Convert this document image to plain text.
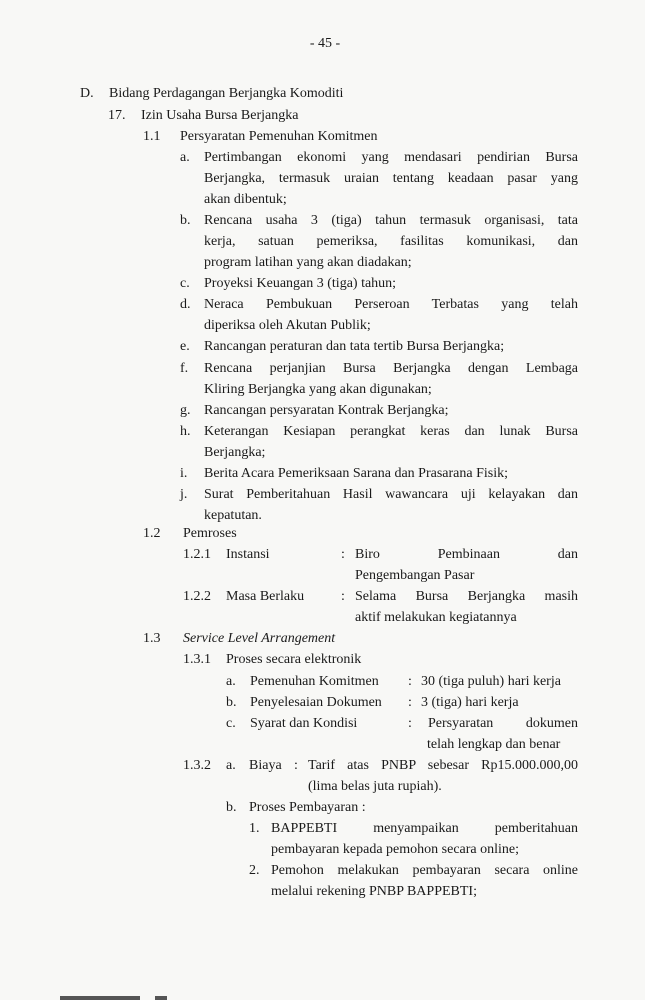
- 45 -
D. Bidang Perdagangan Berjangka Komoditi
17. Izin Usaha Bursa Berjangka
1.1 Persyaratan Pemenuhan Komitmen
a. Pertimbangan ekonomi yang mendasari pendirian Bursa
Berjangka, termasuk uraian tentang keadaan pasar yang
akan dibentuk;
b. Rencana usaha 3 (tiga) tahun termasuk organisasi, tata
kerja, satuan pemeriksa, fasilitas komunikasi, dan
program latihan yang akan diadakan;
c. Proyeksi Keuangan 3 (tiga) tahun;
d. Neraca Pembukuan Perseroan Terbatas yang telah
diperiksa oleh Akutan Publik;
e. Rancangan peraturan dan tata tertib Bursa Berjangka;
f. Rencana perjanjian Bursa Berjangka dengan Lembaga
Kliring Berjangka yang akan digunakan;
g. Rancangan persyaratan Kontrak Berjangka;
h. Keterangan Kesiapan perangkat keras dan lunak Bursa
Berjangka;
i. Berita Acara Pemeriksaan Sarana dan Prasarana Fisik;
j. Surat Pemberitahuan Hasil wawancara uji kelayakan dan
kepatutan.
1.2 Pemroses
1.2.1 Instansi	: Biro Pembinaan dan
Pengembangan Pasar
1.2.2 Masa Berlaku	: Selama Bursa Berjangka masih
aktif melakukan kegiatannya
1.3 Service Level Arrangement
1.3.1 Proses secara elektronik
a. Pemenuhan Komitmen : 30 (tiga puluh) hari kerja
b. Penyelesaian Dokumen : 3 (tiga) hari kerja
c. Syarat dan Kondisi	: Persyaratan dokumen
telah lengkap dan benar
1.3.2 a. Biaya : Tarif atas PNBP sebesar Rp15.000.000,00
(lima belas juta rupiah).
b. Proses Pembayaran :
1. BAPPEBTI menyampaikan pemberitahuan
pembayaran kepada pemohon secara online;
2. Pemohon melakukan pembayaran secara online
melalui rekening PNBP BAPPEBTI;
